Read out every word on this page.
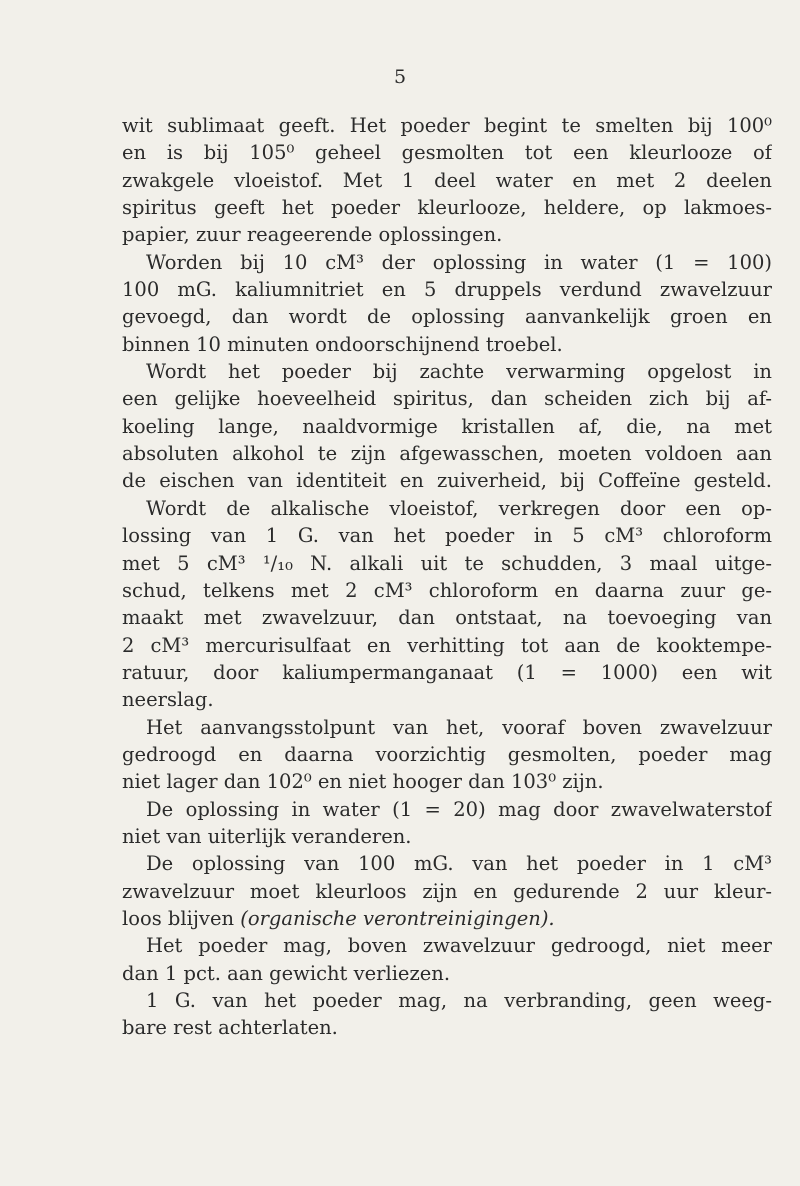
5
wit sublimaat geeft. Het poeder begint te smelten bij 100⁰
en is bij 105⁰ geheel gesmolten tot een kleurlooze of
zwakgele vloeistof. Met 1 deel water en met 2 deelen
spiritus geeft het poeder kleurlooze, heldere, op lakmoes-
papier, zuur reageerende oplossingen.
Worden bij 10 cM³ der oplossing in water (1 = 100)
100 mG. kaliumnitriet en 5 druppels verdund zwavelzuur
gevoegd, dan wordt de oplossing aanvankelijk groen en
binnen 10 minuten ondoorschijnend troebel.
Wordt het poeder bij zachte verwarming opgelost in
een gelijke hoeveelheid spiritus, dan scheiden zich bij af-
koeling lange, naaldvormige kristallen af, die, na met
absoluten alkohol te zijn afgewasschen, moeten voldoen aan
de eischen van identiteit en zuiverheid, bij Coffeïne gesteld.
Wordt de alkalische vloeistof, verkregen door een op-
lossing van 1 G. van het poeder in 5 cM³ chloroform
met 5 cM³ ¹/₁₀ N. alkali uit te schudden, 3 maal uitge-
schud, telkens met 2 cM³ chloroform en daarna zuur ge-
maakt met zwavelzuur, dan ontstaat, na toevoeging van
2 cM³ mercurisulfaat en verhitting tot aan de kooktempe-
ratuur, door kaliumpermanganaat (1 = 1000) een wit
neerslag.
Het aanvangsstolpunt van het, vooraf boven zwavelzuur
gedroogd en daarna voorzichtig gesmolten, poeder mag
niet lager dan 102⁰ en niet hooger dan 103⁰ zijn.
De oplossing in water (1 = 20) mag door zwavelwaterstof
niet van uiterlijk veranderen.
De oplossing van 100 mG. van het poeder in 1 cM³
zwavelzuur moet kleurloos zijn en gedurende 2 uur kleur-
loos blijven (organische verontreinigingen).
Het poeder mag, boven zwavelzuur gedroogd, niet meer
dan 1 pct. aan gewicht verliezen.
1 G. van het poeder mag, na verbranding, geen weeg-
bare rest achterlaten.
